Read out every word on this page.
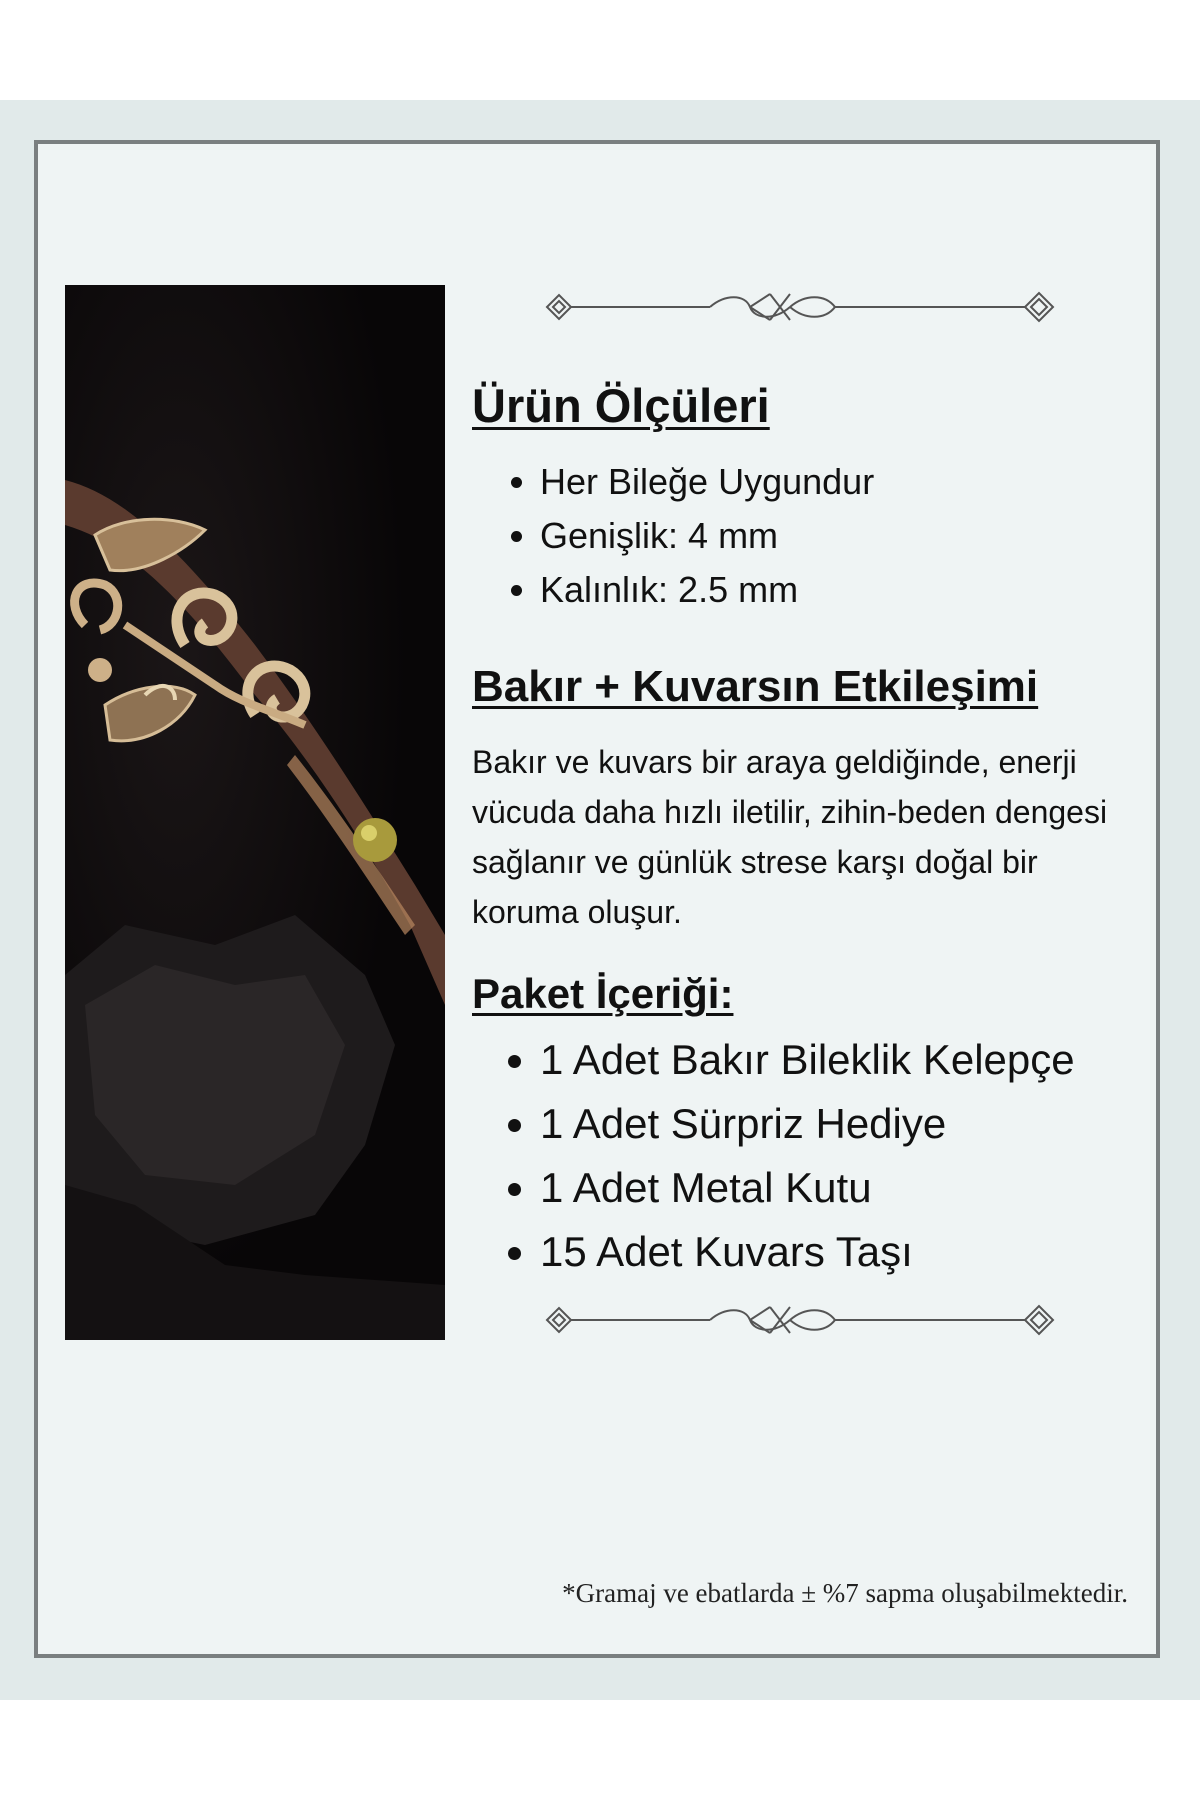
Ürün Ölçüleri
• Her Bileğe Uygundur
• Genişlik: 4 mm
• Kalınlık: 2.5 mm
Bakır + Kuvarsın Etkileşimi

Bakır ve kuvars bir araya geldiğinde, enerji vücuda daha hızlı iletilir, zihin-beden dengesi sağlanır ve günlük strese karşı doğal bir koruma oluşur.

Paket İçeriği:
• 1 Adet Bakır Bileklik Kelepçe
• 1 Adet Sürpriz Hediye
• 1 Adet Metal Kutu
• 15 Adet Kuvars Taşı
*Gramaj ve ebatlarda ± %7 sapma oluşabilmektedir.
